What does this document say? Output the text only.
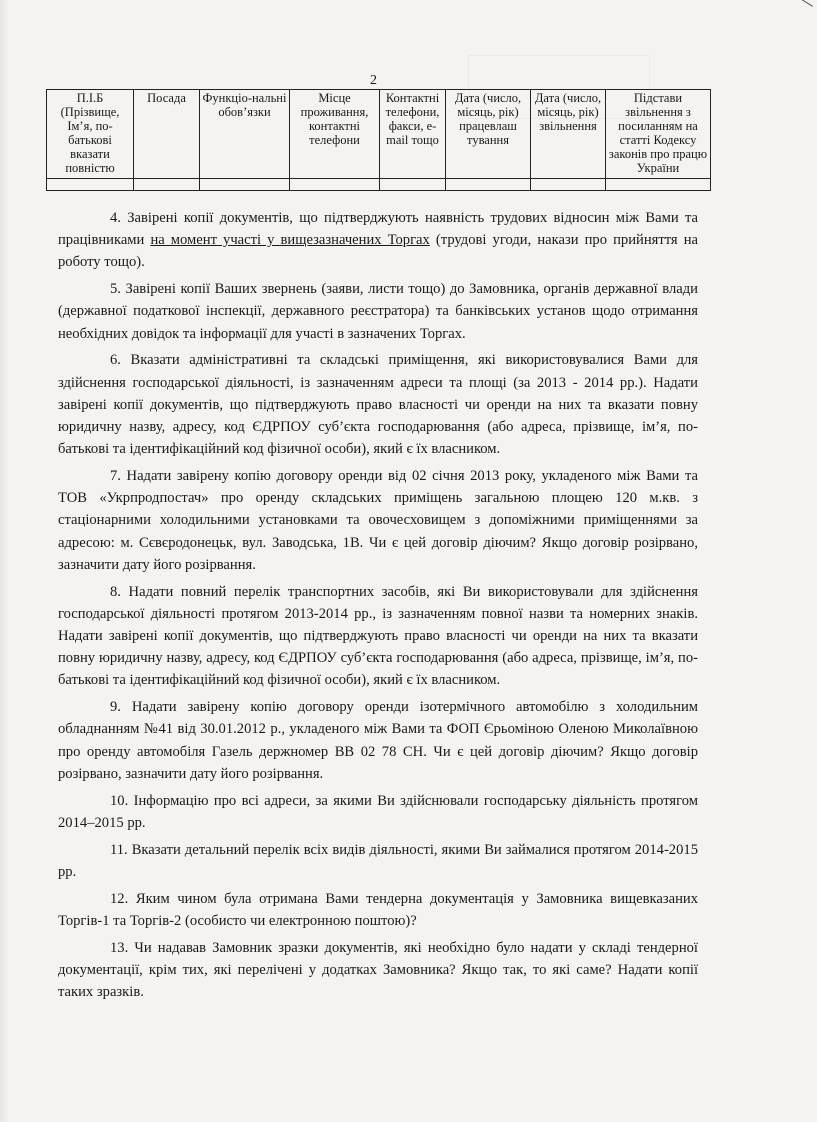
2
П.І.Б (Прізвище, Ім’я, по-батькові вказати повністю	Посада	Функціо-нальні обов’язки	Місце проживання, контактні телефони	Контактні телефони, факси, e-mail тощо	Дата (число, місяць, рік) працевлаш тування	Дата (число, місяць, рік) звільнення	Підстави звільнення з посиланням на статті Кодексу законів про працю України

4. Завірені копії документів, що підтверджують наявність трудових відносин між Вами та працівниками на момент участі у вищезазначених Торгах (трудові угоди, накази про прийняття на роботу тощо).

5. Завірені копії Ваших звернень (заяви, листи тощо) до Замовника, органів державної влади (державної податкової інспекції, державного реєстратора) та банківських установ щодо отримання необхідних довідок та інформації для участі в зазначених Торгах.

6. Вказати адміністративні та складські приміщення, які використовувалися Вами для здійснення господарської діяльності, із зазначенням адреси та площі (за 2013 - 2014 рр.). Надати завірені копії документів, що підтверджують право власності чи оренди на них та вказати повну юридичну назву, адресу, код ЄДРПОУ суб’єкта господарювання (або адреса, прізвище, ім’я, по-батькові та ідентифікаційний код фізичної особи), який є їх власником.

7. Надати завірену копію договору оренди від 02 січня 2013 року, укладеного між Вами та ТОВ «Укрпродпостач» про оренду складських приміщень загальною площею 120 м.кв. з стаціонарними холодильними установками та овочесховищем з допоміжними приміщеннями за адресою: м. Сєвєродонецьк, вул. Заводська, 1В. Чи є цей договір діючим? Якщо договір розірвано, зазначити дату його розірвання.

8. Надати повний перелік транспортних засобів, які Ви використовували для здійснення господарської діяльності протягом 2013-2014 рр., із зазначенням повної назви та номерних знаків. Надати завірені копії документів, що підтверджують право власності чи оренди на них та вказати повну юридичну назву, адресу, код ЄДРПОУ суб’єкта господарювання (або адреса, прізвище, ім’я, по-батькові та ідентифікаційний код фізичної особи), який є їх власником.

9. Надати завірену копію договору оренди ізотермічного автомобілю з холодильним обладнанням №41 від 30.01.2012 р., укладеного між Вами та ФОП Єрьоміною Оленою Миколаївною про оренду автомобіля Газель держномер ВВ 02 78 СН. Чи є цей договір діючим? Якщо договір розірвано, зазначити дату його розірвання.

10. Інформацію про всі адреси, за якими Ви здійснювали господарську діяльність протягом 2014–2015 рр.

11. Вказати детальний перелік всіх видів діяльності, якими Ви займалися протягом 2014-2015 рр.

12. Яким чином була отримана Вами тендерна документація у Замовника вищевказаних Торгів-1 та Торгів-2 (особисто чи електронною поштою)?

13. Чи надавав Замовник зразки документів, які необхідно було надати у складі тендерної документації, крім тих, які перелічені у додатках Замовника? Якщо так, то які саме? Надати копії таких зразків.
